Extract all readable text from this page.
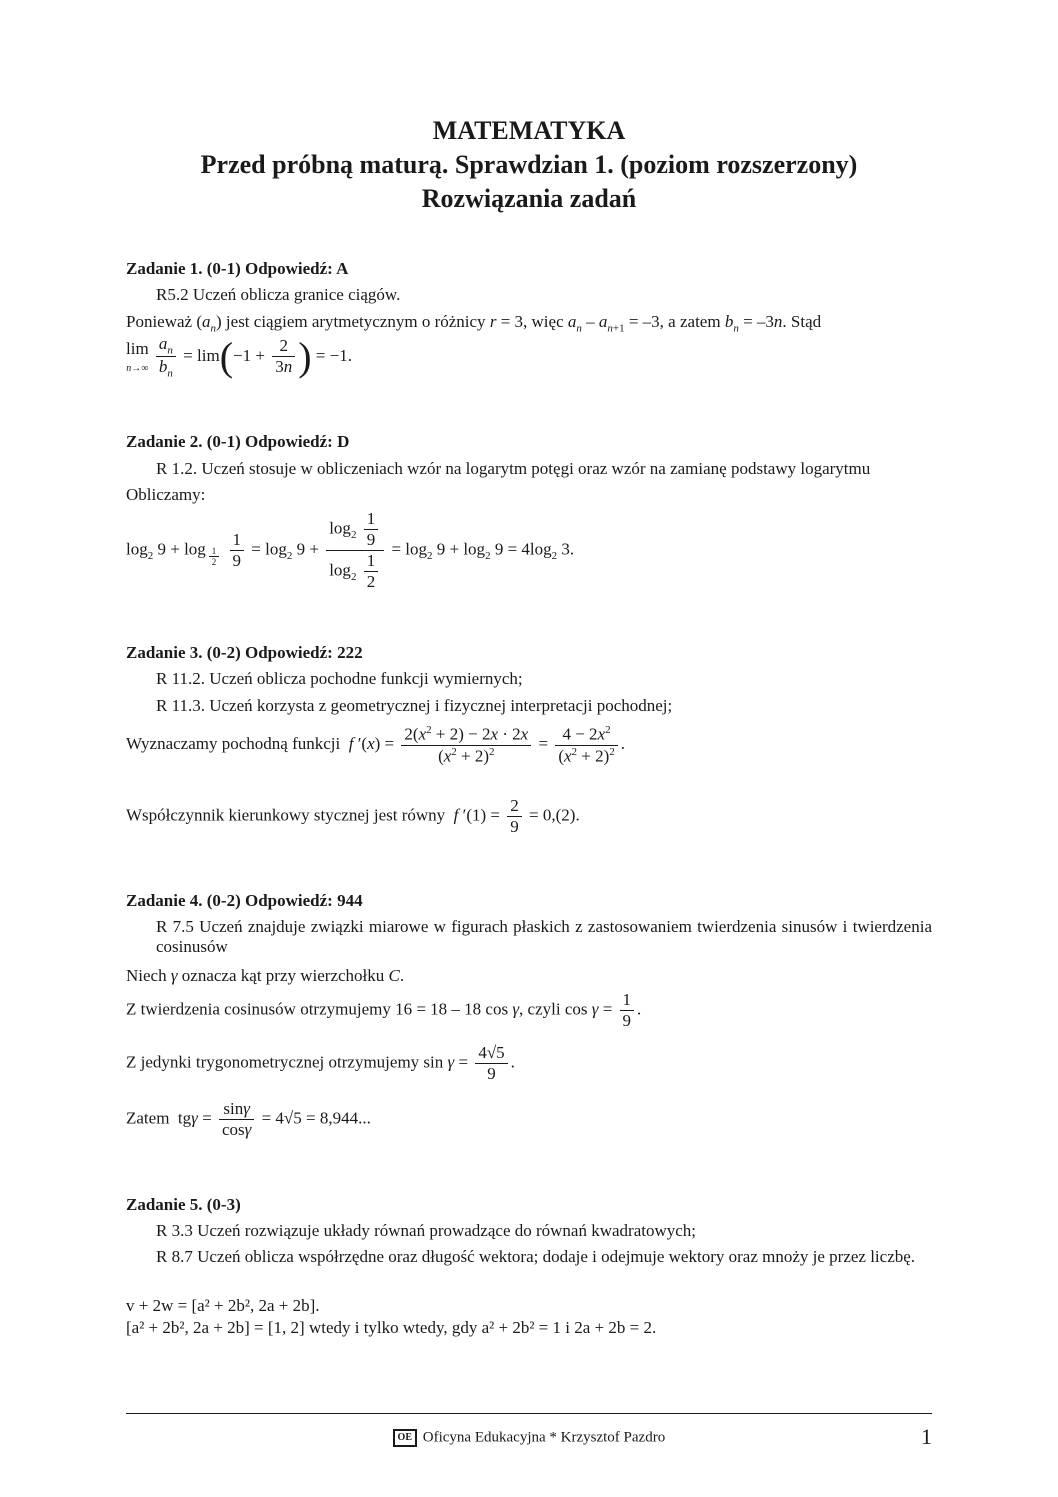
MATEMATYKA
Przed próbną maturą. Sprawdzian 1. (poziom rozszerzony)
Rozwiązania zadań
Zadanie 1. (0-1) Odpowiedź: A
R5.2 Uczeń oblicza granice ciągów.
Ponieważ $(a_n)$ jest ciągiem arytmetycznym o różnicy r = 3, więc $a_n - a_{n+1} = -3$, a zatem $b_n = -3n$. Stąd
lim
$n\to\infty \frac{a_n}{b_n} = \lim(-1 + \frac{2}{3n}$ ) = −1.
Zadanie 2. (0-1) Odpowiedź: D
R 1.2. Uczeń stosuje w obliczeniach wzór na logarytm potęgi oraz wzór na zamianę podstawy logarytmu
Obliczamy:
$\log_2 9 + \log _{\frac{1}{2}}$
$\frac{1}{9} = \log_2 9 + \frac{\log_2 \frac{1}{9}}{\log_2 \frac{1}{2}} = \log_2 9 + \log_2 9 = 4\log_2$ 3.
Zadanie 3. (0-2) Odpowiedź: 222
R 11.2. Uczeń oblicza pochodne funkcji wymiernych;
R 11.3. Uczeń korzysta z geometrycznej i fizycznej interpretacji pochodnej;
Wyznaczamy pochodną funkcji f $'(x) = \frac{2(x^2 + 2) - 2x \cdot 2x}{(x^2 + 2)^2} = \frac{4 - 2x^2}{(x^2 + 2)^2}$ .
Współczynnik kierunkowy stycznej jest równy f $'(1) = \frac{2}{9} = 0,(2)$.
Zadanie 4. (0-2) Odpowiedź: 944
R 7.5 Uczeń znajduje związki miarowe w figurach płaskich z zastosowaniem twierdzenia sinusów i twierdzenia cosinusów
Niech γ oznacza kąt przy wierzchołku C.
Z twierdzenia cosinusów otrzymujemy 16 = 18 – 18 cos γ, czyli $\cos \gamma = \frac{1}{9}$ .
Z jedynki trygonometrycznej otrzymujemy $\sin \gamma = \frac{4√5}{9}$ .
Zatem  $tg\gamma = \frac{\sin\gamma}{\cos\gamma} = 4√5 = 8,944$...
Zadanie 5. (0-3)
R 3.3 Uczeń rozwiązuje układy równań prowadzące do równań kwadratowych;
R 8.7 Uczeń oblicza współrzędne oraz długość wektora; dodaje i odejmuje wektory oraz mnoży je przez liczbę.
v + 2w = [a² + 2b², 2a + 2b].
[a² + 2b², 2a + 2b] = [1, 2] wtedy i tylko wtedy, gdy a² + 2b² = 1 i 2a + 2b = 2.
OE Oficyna Edukacyjna * Krzysztof Pazdro	1
